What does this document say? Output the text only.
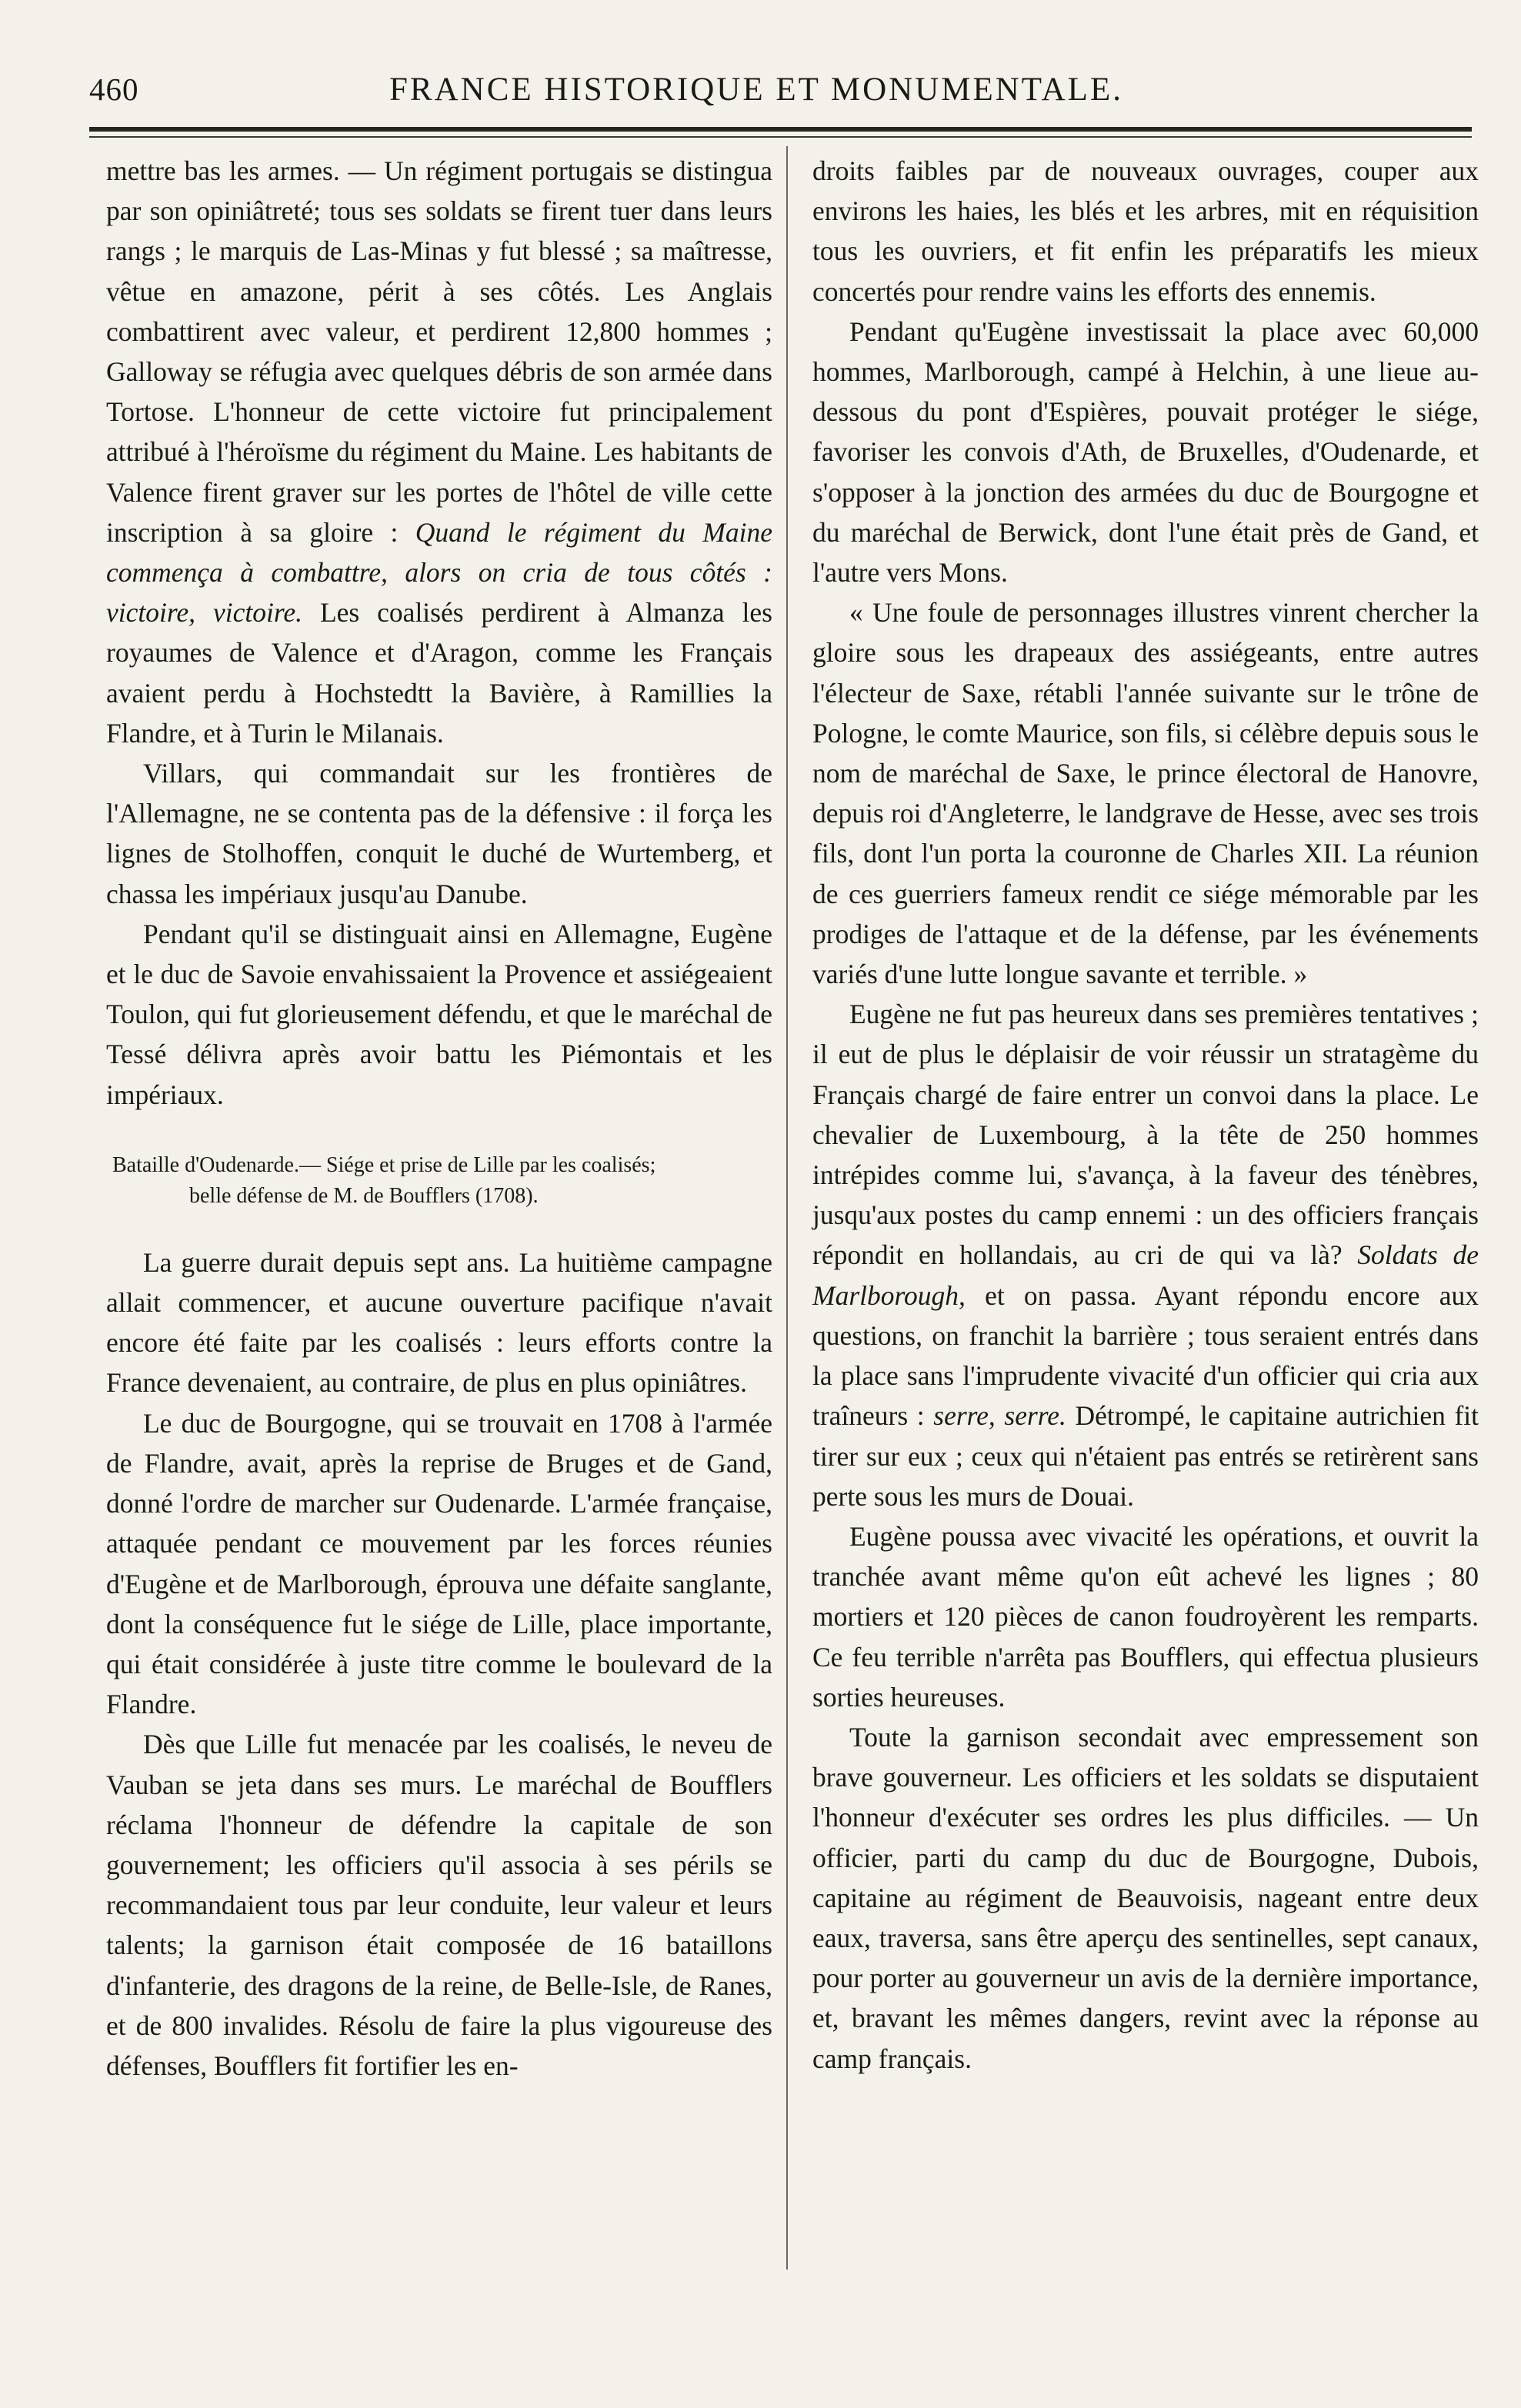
460	FRANCE HISTORIQUE ET MONUMENTALE.

mettre bas les armes. — Un régiment portugais se distingua par son opiniâtreté; tous ses soldats se firent tuer dans leurs rangs ; le marquis de Las-Minas y fut blessé ; sa maîtresse, vêtue en amazone, périt à ses côtés. Les Anglais combattirent avec valeur, et perdirent 12,800 hommes ; Galloway se réfugia avec quelques débris de son armée dans Tortose. L'honneur de cette victoire fut principalement attribué à l'héroïsme du régiment du Maine. Les habitants de Valence firent graver sur les portes de l'hôtel de ville cette inscription à sa gloire : Quand le régiment du Maine commença à combattre, alors on cria de tous côtés : victoire, victoire. Les coalisés perdirent à Almanza les royaumes de Valence et d'Aragon, comme les Français avaient perdu à Hochstedtt la Bavière, à Ramillies la Flandre, et à Turin le Milanais.

Villars, qui commandait sur les frontières de l'Allemagne, ne se contenta pas de la défensive : il força les lignes de Stolhoffen, conquit le duché de Wurtemberg, et chassa les impériaux jusqu'au Danube.

Pendant qu'il se distinguait ainsi en Allemagne, Eugène et le duc de Savoie envahissaient la Provence et assiégeaient Toulon, qui fut glorieusement défendu, et que le maréchal de Tessé délivra après avoir battu les Piémontais et les impériaux.

Bataille d'Oudenarde.— Siége et prise de Lille par les coalisés;
belle défense de M. de Boufflers (1708).

La guerre durait depuis sept ans. La huitième campagne allait commencer, et aucune ouverture pacifique n'avait encore été faite par les coalisés : leurs efforts contre la France devenaient, au contraire, de plus en plus opiniâtres.

Le duc de Bourgogne, qui se trouvait en 1708 à l'armée de Flandre, avait, après la reprise de Bruges et de Gand, donné l'ordre de marcher sur Oudenarde. L'armée française, attaquée pendant ce mouvement par les forces réunies d'Eugène et de Marlborough, éprouva une défaite sanglante, dont la conséquence fut le siége de Lille, place importante, qui était considérée à juste titre comme le boulevard de la Flandre.

Dès que Lille fut menacée par les coalisés, le neveu de Vauban se jeta dans ses murs. Le maréchal de Boufflers réclama l'honneur de défendre la capitale de son gouvernement; les officiers qu'il associa à ses périls se recommandaient tous par leur conduite, leur valeur et leurs talents; la garnison était composée de 16 bataillons d'infanterie, des dragons de la reine, de Belle-Isle, de Ranes, et de 800 invalides. Résolu de faire la plus vigoureuse des défenses, Boufflers fit fortifier les en-

droits faibles par de nouveaux ouvrages, couper aux environs les haies, les blés et les arbres, mit en réquisition tous les ouvriers, et fit enfin les préparatifs les mieux concertés pour rendre vains les efforts des ennemis.

Pendant qu'Eugène investissait la place avec 60,000 hommes, Marlborough, campé à Helchin, à une lieue au-dessous du pont d'Espières, pouvait protéger le siége, favoriser les convois d'Ath, de Bruxelles, d'Oudenarde, et s'opposer à la jonction des armées du duc de Bourgogne et du maréchal de Berwick, dont l'une était près de Gand, et l'autre vers Mons.

« Une foule de personnages illustres vinrent chercher la gloire sous les drapeaux des assiégeants, entre autres l'électeur de Saxe, rétabli l'année suivante sur le trône de Pologne, le comte Maurice, son fils, si célèbre depuis sous le nom de maréchal de Saxe, le prince électoral de Hanovre, depuis roi d'Angleterre, le landgrave de Hesse, avec ses trois fils, dont l'un porta la couronne de Charles XII. La réunion de ces guerriers fameux rendit ce siége mémorable par les prodiges de l'attaque et de la défense, par les événements variés d'une lutte longue savante et terrible. »

Eugène ne fut pas heureux dans ses premières tentatives ; il eut de plus le déplaisir de voir réussir un stratagème du Français chargé de faire entrer un convoi dans la place. Le chevalier de Luxembourg, à la tête de 250 hommes intrépides comme lui, s'avança, à la faveur des ténèbres, jusqu'aux postes du camp ennemi : un des officiers français répondit en hollandais, au cri de qui va là? Soldats de Marlborough, et on passa. Ayant répondu encore aux questions, on franchit la barrière ; tous seraient entrés dans la place sans l'imprudente vivacité d'un officier qui cria aux traîneurs : serre, serre. Détrompé, le capitaine autrichien fit tirer sur eux ; ceux qui n'étaient pas entrés se retirèrent sans perte sous les murs de Douai.

Eugène poussa avec vivacité les opérations, et ouvrit la tranchée avant même qu'on eût achevé les lignes ; 80 mortiers et 120 pièces de canon foudroyèrent les remparts. Ce feu terrible n'arrêta pas Boufflers, qui effectua plusieurs sorties heureuses.

Toute la garnison secondait avec empressement son brave gouverneur. Les officiers et les soldats se disputaient l'honneur d'exécuter ses ordres les plus difficiles. — Un officier, parti du camp du duc de Bourgogne, Dubois, capitaine au régiment de Beauvoisis, nageant entre deux eaux, traversa, sans être aperçu des sentinelles, sept canaux, pour porter au gouverneur un avis de la dernière importance, et, bravant les mêmes dangers, revint avec la réponse au camp français.
